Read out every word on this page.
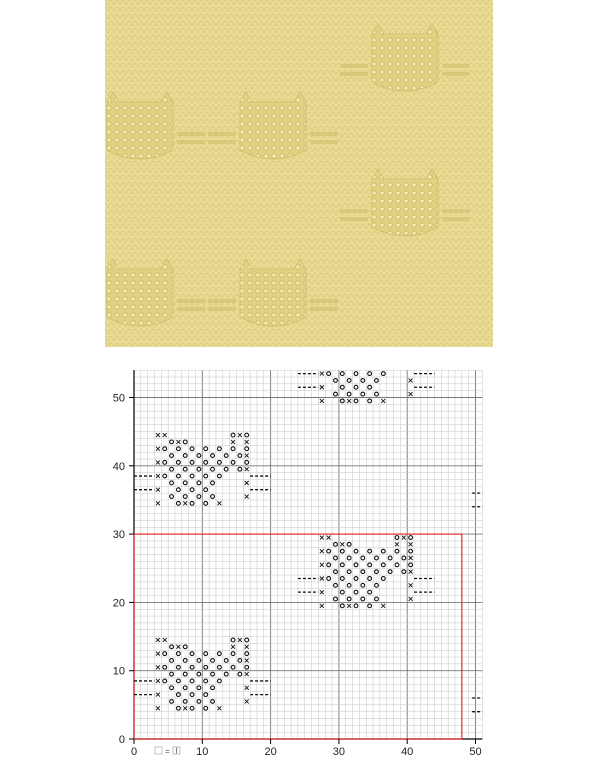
0	10	20	30	40	50
0
10
20
30
40
50
= I
